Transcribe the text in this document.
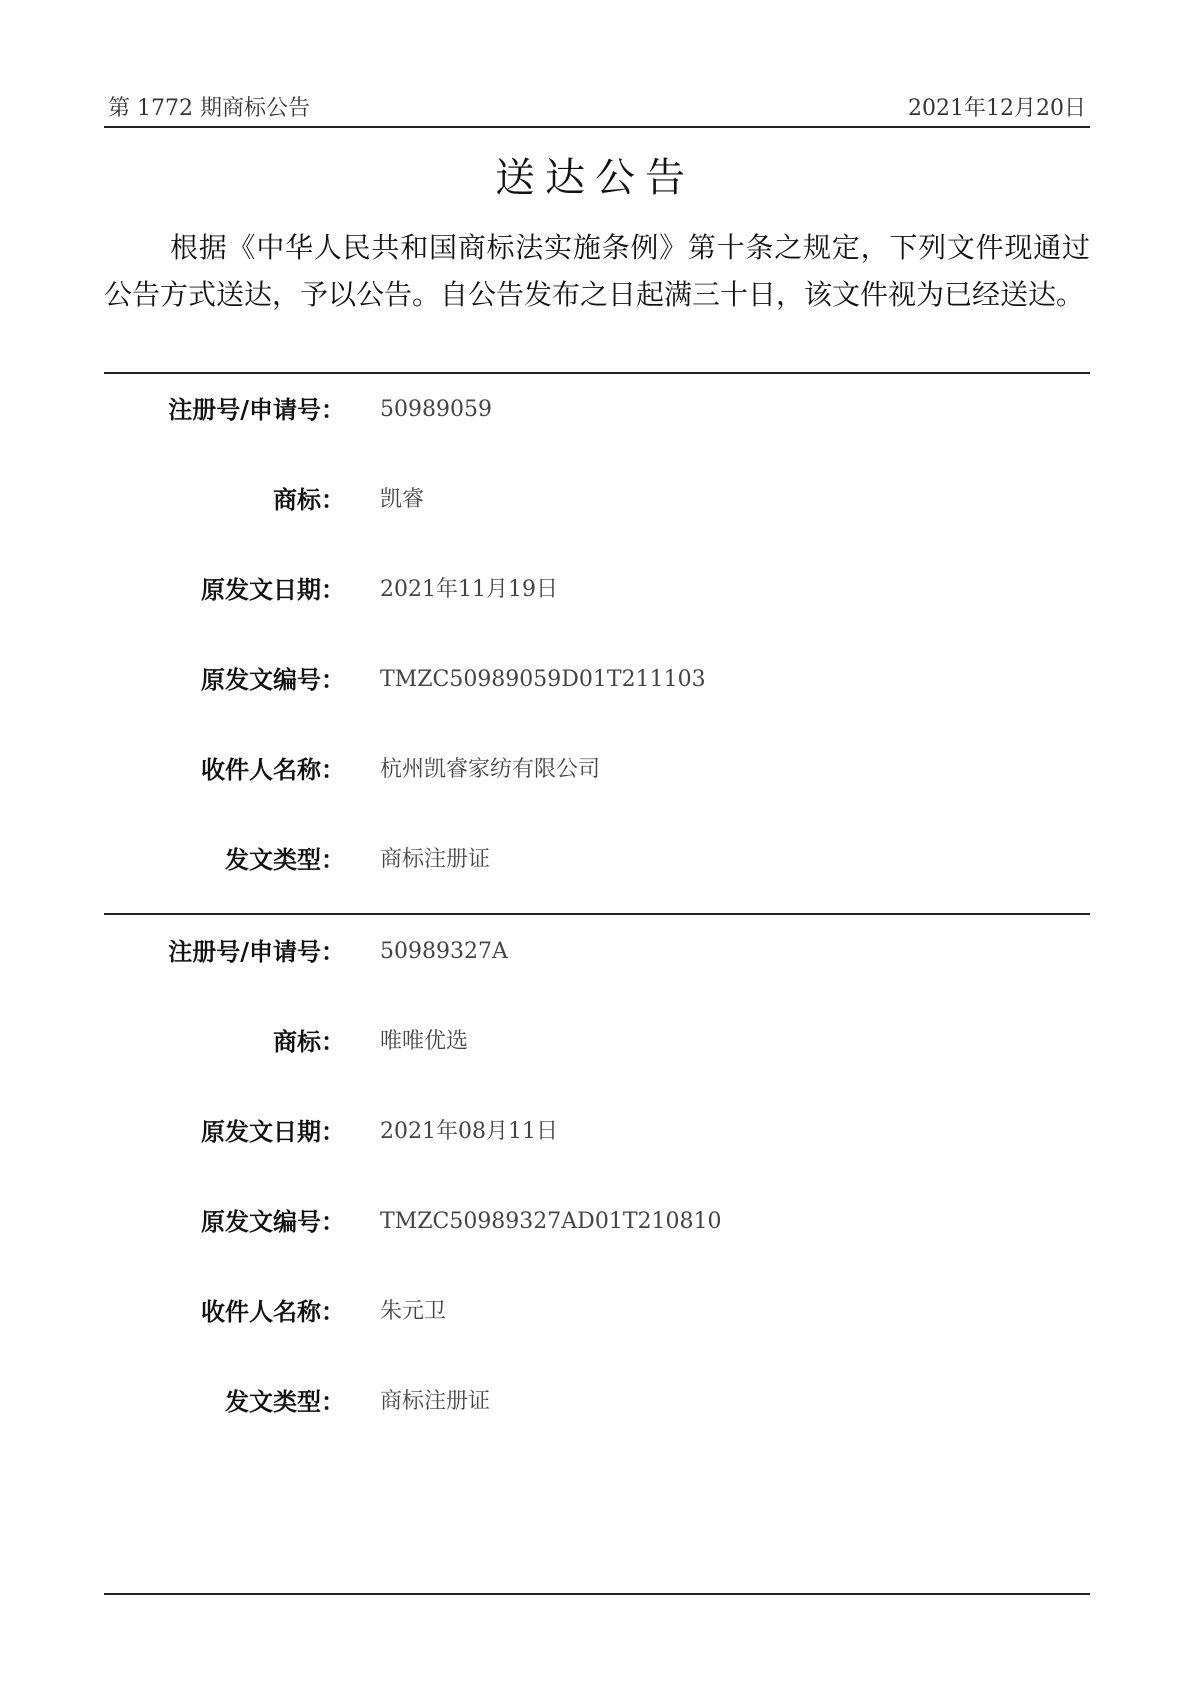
第 1772 期商标公告	2021年12月20日
送达公告
根据《中华人民共和国商标法实施条例》第十条之规定，下列文件现通过公告方式送达，予以公告。自公告发布之日起满三十日，该文件视为已经送达。
注册号/申请号： 50989059
商标： 凯睿
原发文日期： 2021年11月19日
原发文编号： TMZC50989059D01T211103
收件人名称： 杭州凯睿家纺有限公司
发文类型： 商标注册证
注册号/申请号： 50989327A
商标： 唯唯优选
原发文日期： 2021年08月11日
原发文编号： TMZC50989327AD01T210810
收件人名称： 朱元卫
发文类型： 商标注册证
